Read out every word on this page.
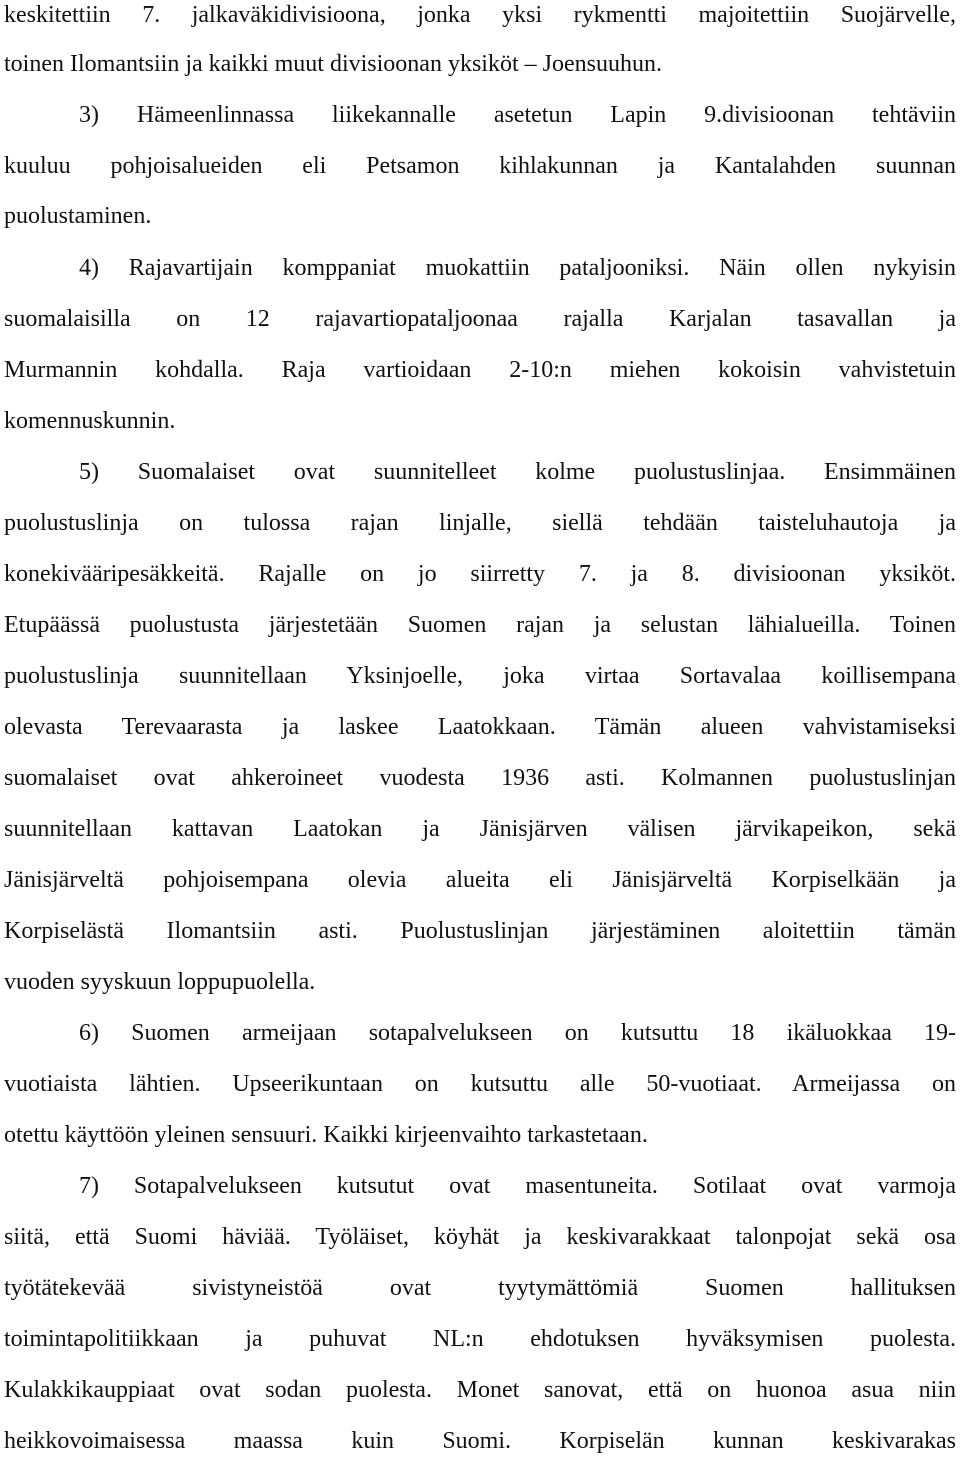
keskitettiin 7. jalkaväkidivisioona, jonka yksi rykmentti majoitettiin Suojärvelle,
toinen Ilomantsiin ja kaikki muut divisioonan yksiköt – Joensuuhun.
3) Hämeenlinnassa liikekannalle asetetun Lapin 9.divisioonan tehtäviin
kuuluu pohjoisalueiden eli Petsamon kihlakunnan ja Kantalahden suunnan
puolustaminen.
4) Rajavartijain komppaniat muokattiin pataljooniksi. Näin ollen nykyisin
suomalaisilla on 12 rajavartiopataljoonaa rajalla Karjalan tasavallan ja
Murmannin kohdalla. Raja vartioidaan 2-10:n miehen kokoisin vahvistetuin
komennuskunnin.
5) Suomalaiset ovat suunnitelleet kolme puolustuslinjaa. Ensimmäinen
puolustuslinja on tulossa rajan linjalle, siellä tehdään taisteluhautoja ja
konekivääripesäkkeitä. Rajalle on jo siirretty 7. ja 8. divisioonan yksiköt.
Etupäässä puolustusta järjestetään Suomen rajan ja selustan lähialueilla. Toinen
puolustuslinja suunnitellaan Yksinjoelle, joka virtaa Sortavalaa koillisempana
olevasta Terevaarasta ja laskee Laatokkaan. Tämän alueen vahvistamiseksi
suomalaiset ovat ahkeroineet vuodesta 1936 asti. Kolmannen puolustuslinjan
suunnitellaan kattavan Laatokan ja Jänisjärven välisen järvikapeikon, sekä
Jänisjärveltä pohjoisempana olevia alueita eli Jänisjärveltä Korpiselkään ja
Korpiselästä Ilomantsiin asti. Puolustuslinjan järjestäminen aloitettiin tämän
vuoden syyskuun loppupuolella.
6) Suomen armeijaan sotapalvelukseen on kutsuttu 18 ikäluokkaa 19-
vuotiaista lähtien. Upseerikuntaan on kutsuttu alle 50-vuotiaat. Armeijassa on
otettu käyttöön yleinen sensuuri. Kaikki kirjeenvaihto tarkastetaan.
7) Sotapalvelukseen kutsutut ovat masentuneita. Sotilaat ovat varmoja
siitä, että Suomi häviää. Työläiset, köyhät ja keskivarakkaat talonpojat sekä osa
työtätekevää sivistyneistöä ovat tyytymättömiä Suomen hallituksen
toimintapolitiikkaan ja puhuvat NL:n ehdotuksen hyväksymisen puolesta.
Kulakkikauppiaat ovat sodan puolesta. Monet sanovat, että on huonoa asua niin
heikkovoimaisessa maassa kuin Suomi. Korpiselän kunnan keskivarakas
